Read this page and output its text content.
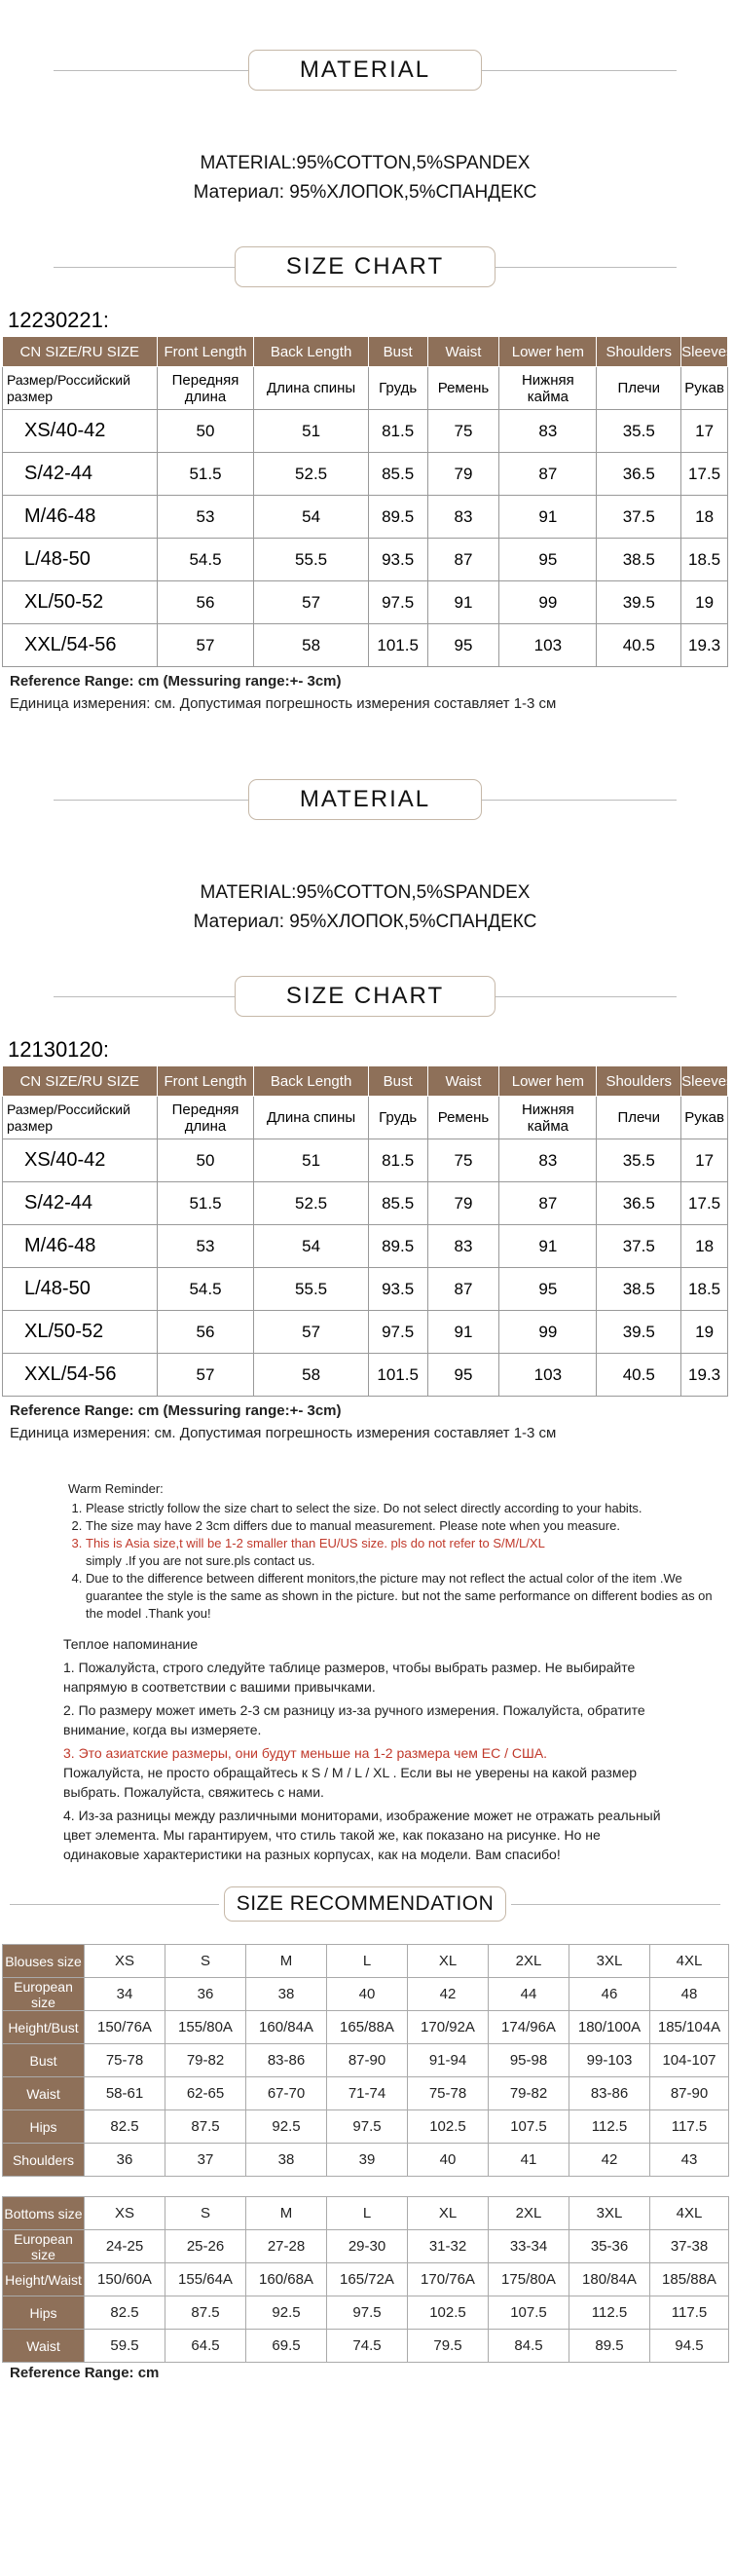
MATERIAL
MATERIAL:95%COTTON,5%SPANDEX
Материал: 95%ХЛОПОК,5%СПАНДЕКС
SIZE CHART
12230221:
CN SIZE/RU SIZE	Front Length	Back Length	Bust	Waist	Lower hem	Shoulders	Sleeves
Размер/Российский размер	Передняя длина	Длина спины	Грудь	Ремень	Нижняя кайма	Плечи	Рукав
XS/40-42	50	51	81.5	75	83	35.5	17
S/42-44	51.5	52.5	85.5	79	87	36.5	17.5
M/46-48	53	54	89.5	83	91	37.5	18
L/48-50	54.5	55.5	93.5	87	95	38.5	18.5
XL/50-52	56	57	97.5	91	99	39.5	19
XXL/54-56	57	58	101.5	95	103	40.5	19.3
Reference Range: cm (Messuring range:+- 3cm)
Единица измерения: см. Допустимая погрешность измерения составляет 1-3 см
MATERIAL
MATERIAL:95%COTTON,5%SPANDEX
Материал: 95%ХЛОПОК,5%СПАНДЕКС
SIZE CHART
12130120:
CN SIZE/RU SIZE	Front Length	Back Length	Bust	Waist	Lower hem	Shoulders	Sleeves
Размер/Российский размер	Передняя длина	Длина спины	Грудь	Ремень	Нижняя кайма	Плечи	Рукав
XS/40-42	50	51	81.5	75	83	35.5	17
S/42-44	51.5	52.5	85.5	79	87	36.5	17.5
M/46-48	53	54	89.5	83	91	37.5	18
L/48-50	54.5	55.5	93.5	87	95	38.5	18.5
XL/50-52	56	57	97.5	91	99	39.5	19
XXL/54-56	57	58	101.5	95	103	40.5	19.3
Reference Range: cm (Messuring range:+- 3cm)
Единица измерения: см. Допустимая погрешность измерения составляет 1-3 см
Warm Reminder:
1. Please strictly follow the size chart to select the size. Do not select directly according to your habits.
2. The size may have 2 3cm differs due to manual measurement. Please note when you measure.
3. This is Asia size,t will be 1-2 smaller than EU/US size. pls do not refer to S/M/L/XL
simply .If you are not sure.pls contact us.
4. Due to the difference between different monitors,the picture may not reflect the actual color of the item .We guarantee the style is the same as shown in the picture. but not the same performance on different bodies as on the model .Thank you!

Теплое напоминание

1. Пожалуйста, строго следуйте таблице размеров, чтобы выбрать размер. Не выбирайте напрямую в соответствии с вашими привычками.

2. По размеру может иметь 2-3 см разницу из-за ручного измерения. Пожалуйста, обратите внимание, когда вы измеряете.

3. Это азиатские размеры, они будут меньше на 1-2 размера чем EC / США.

Пожалуйста, не просто обращайтесь к S / M / L / XL . Если вы не уверены на какой размер выбрать. Пожалуйста, свяжитесь с нами.

4. Из-за разницы между различными мониторами, изображение может не отражать реальный цвет элемента. Мы гарантируем, что стиль такой же, как показано на рисунке. Но не одинаковые характеристики на разных корпусах, как на модели. Вам спасибо!

SIZE RECOMMENDATION
Blouses size	XS	S	M	L	XL	2XL	3XL	4XL
European size	34	36	38	40	42	44	46	48
Height/Bust	150/76A	155/80A	160/84A	165/88A	170/92A	174/96A	180/100A	185/104A
Bust	75-78	79-82	83-86	87-90	91-94	95-98	99-103	104-107
Waist	58-61	62-65	67-70	71-74	75-78	79-82	83-86	87-90
Hips	82.5	87.5	92.5	97.5	102.5	107.5	112.5	117.5
Shoulders	36	37	38	39	40	41	42	43
Bottoms size	XS	S	M	L	XL	2XL	3XL	4XL
European size	24-25	25-26	27-28	29-30	31-32	33-34	35-36	37-38
Height/Waist	150/60A	155/64A	160/68A	165/72A	170/76A	175/80A	180/84A	185/88A
Hips	82.5	87.5	92.5	97.5	102.5	107.5	112.5	117.5
Waist	59.5	64.5	69.5	74.5	79.5	84.5	89.5	94.5
Reference Range: cm
